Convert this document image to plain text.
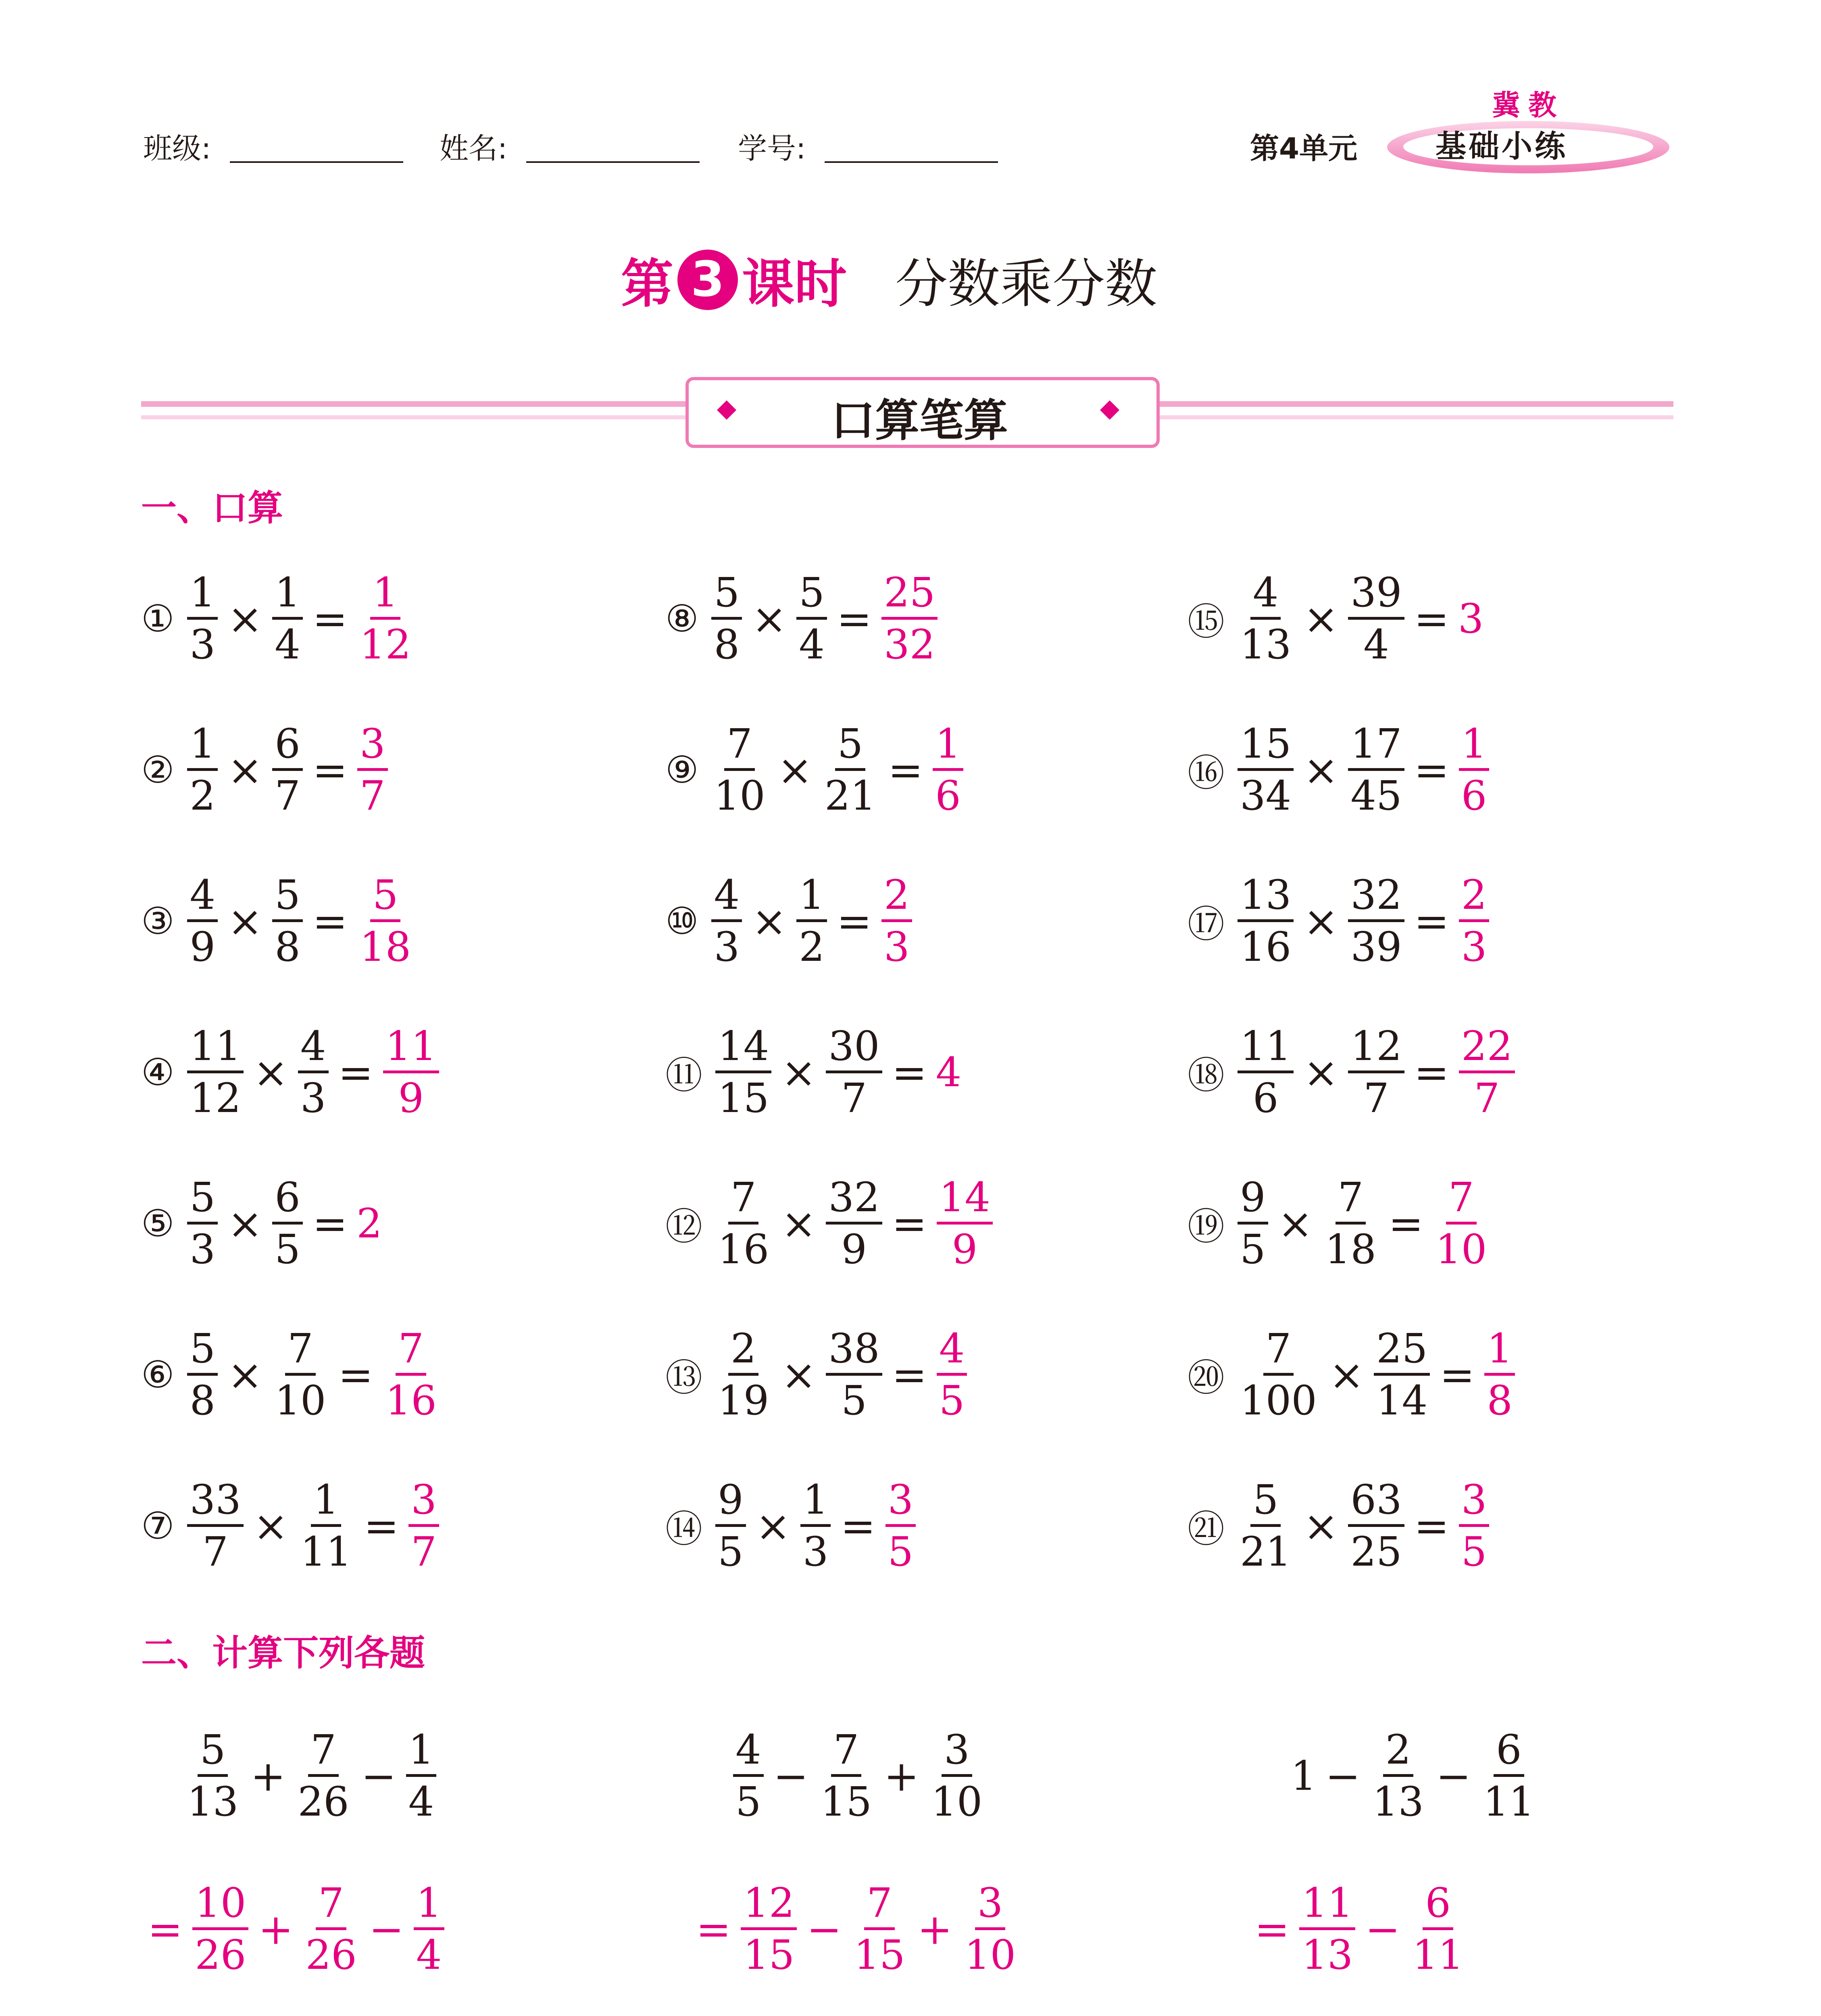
班级:	姓名:	学号:	第4单元
冀教
基础小练
第 3 课时 分数乘分数
口算笔算
一、口算
① $\frac{1}{3} \times \frac{1}{4} = \frac{1}{12}$
② $\frac{1}{2} \times \frac{6}{7} = \frac{3}{7}$
③ $\frac{4}{9} \times \frac{5}{8} = \frac{5}{18}$
④ $\frac{11}{12} \times \frac{4}{3} = \frac{11}{9}$
⑤ $\frac{5}{3} \times \frac{6}{5} = 2$
⑥ $\frac{5}{8} \times \frac{7}{10} = \frac{7}{16}$
⑦ $\frac{33}{7} \times \frac{1}{11} = \frac{3}{7}$
⑧ $\frac{5}{8} \times \frac{5}{4} = \frac{25}{32}$
⑨ $\frac{7}{10} \times \frac{5}{21} = \frac{1}{6}$
⑩ $\frac{4}{3} \times \frac{1}{2} = \frac{2}{3}$
⑪ $\frac{14}{15} \times \frac{30}{7} = 4$
⑫ $\frac{7}{16} \times \frac{32}{9} = \frac{14}{9}$
⑬ $\frac{2}{19} \times \frac{38}{5} = \frac{4}{5}$
⑭ $\frac{9}{5} \times \frac{1}{3} = \frac{3}{5}$
⑮ $\frac{4}{13} \times \frac{39}{4} = 3$
⑯ $\frac{15}{34} \times \frac{17}{45} = \frac{1}{6}$
⑰ $\frac{13}{16} \times \frac{32}{39} = \frac{2}{3}$
⑱ $\frac{11}{6} \times \frac{12}{7} = \frac{22}{7}$
⑲ $\frac{9}{5} \times \frac{7}{18} = \frac{7}{10}$
⑳ $\frac{7}{100} \times \frac{25}{14} = \frac{1}{8}$
㉑ $\frac{5}{21} \times \frac{63}{25} = \frac{3}{5}$
二、计算下列各题
$\frac{5}{13} + \frac{7}{26} - \frac{1}{4}$
= $\frac{10}{26} + \frac{7}{26} - \frac{1}{4}$
$\frac{4}{5} - \frac{7}{15} + \frac{3}{10}$
= $\frac{12}{15} - \frac{7}{15} + \frac{3}{10}$
$1 - \frac{2}{13} - \frac{6}{11}$
= $\frac{11}{13} - \frac{6}{11}$
